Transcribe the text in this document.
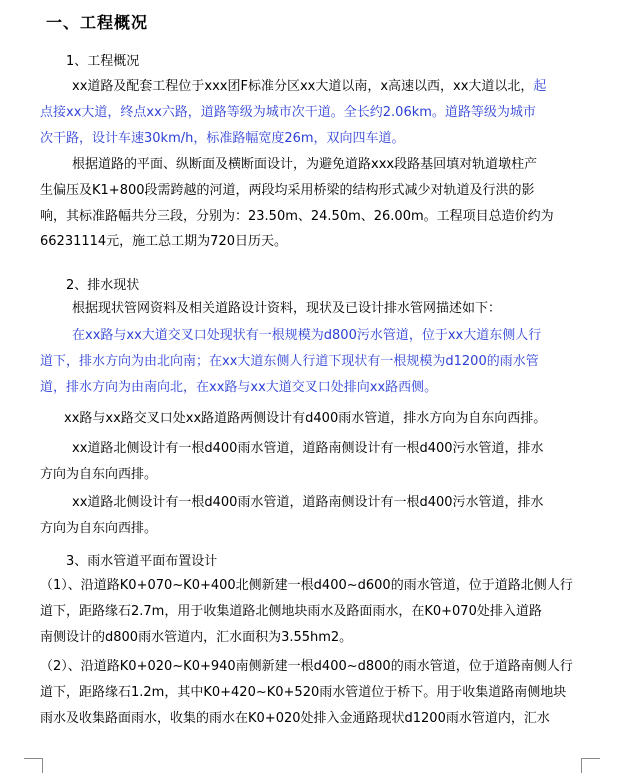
一、工程概况
1、工程概况
xx道路及配套工程位于xxx团F标准分区xx大道以南，x高速以西，xx大道以北，起
点接xx大道，终点xx六路，道路等级为城市次干道。全长约2.06km。道路等级为城市
次干路，设计车速30km/h，标准路幅宽度26m，双向四车道。
根据道路的平面、纵断面及横断面设计，为避免道路xxx段路基回填对轨道墩柱产
生偏压及K1+800段需跨越的河道，两段均采用桥梁的结构形式减少对轨道及行洪的影
响，其标准路幅共分三段，分别为：23.50m、24.50m、26.00m。工程项目总造价约为
66231114元，施工总工期为720日历天。
2、排水现状
根据现状管网资料及相关道路设计资料，现状及已设计排水管网描述如下：
在xx路与xx大道交叉口处现状有一根规模为d800污水管道，位于xx大道东侧人行
道下，排水方向为由北向南；在xx大道东侧人行道下现状有一根规模为d1200的雨水管
道，排水方向为由南向北，在xx路与xx大道交叉口处排向xx路西侧。
xx路与xx路交叉口处xx路道路两侧设计有d400雨水管道，排水方向为自东向西排。
xx道路北侧设计有一根d400雨水管道，道路南侧设计有一根d400污水管道，排水
方向为自东向西排。
xx道路北侧设计有一根d400雨水管道，道路南侧设计有一根d400污水管道，排水
方向为自东向西排。
3、雨水管道平面布置设计
（1）、沿道路K0+070~K0+400北侧新建一根d400~d600的雨水管道，位于道路北侧人行
道下，距路缘石2.7m，用于收集道路北侧地块雨水及路面雨水，在K0+070处排入道路
南侧设计的d800雨水管道内，汇水面积为3.55hm2。
（2）、沿道路K0+020~K0+940南侧新建一根d400~d800的雨水管道，位于道路南侧人行
道下，距路缘石1.2m，其中K0+420~K0+520雨水管道位于桥下。用于收集道路南侧地块
雨水及收集路面雨水，收集的雨水在K0+020处排入金通路现状d1200雨水管道内，汇水
